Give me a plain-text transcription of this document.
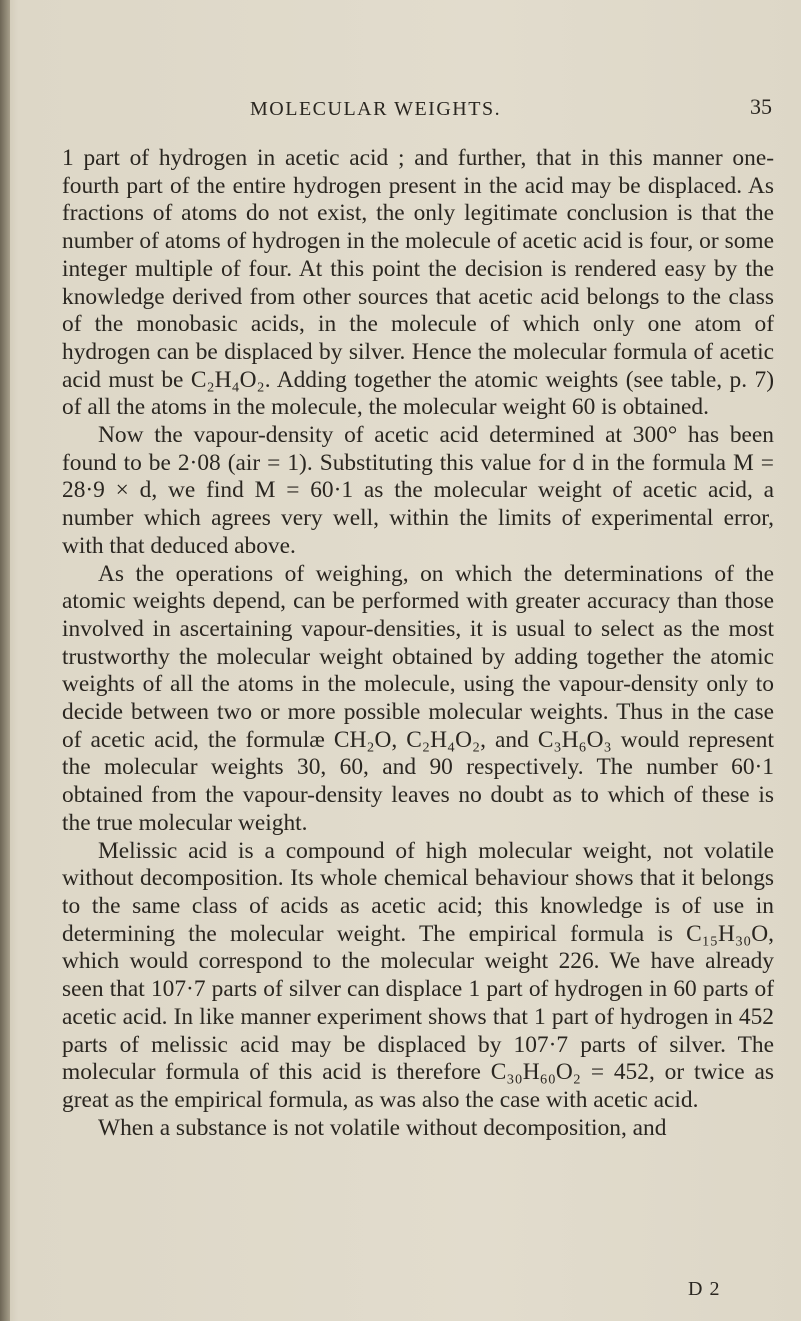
MOLECULAR WEIGHTS.	35

1 part of hydrogen in acetic acid ; and further, that in this manner one-fourth part of the entire hydrogen present in the acid may be displaced. As fractions of atoms do not exist, the only legitimate conclusion is that the number of atoms of hydrogen in the molecule of acetic acid is four, or some integer multiple of four. At this point the decision is rendered easy by the knowledge derived from other sources that acetic acid belongs to the class of the monobasic acids, in the molecule of which only one atom of hydrogen can be displaced by silver. Hence the molecular formula of acetic acid must be C₂H₄O₂. Adding together the atomic weights (see table, p. 7) of all the atoms in the molecule, the molecular weight 60 is obtained.

Now the vapour-density of acetic acid determined at 300° has been found to be 2·08 (air = 1). Substituting this value for d in the formula M = 28·9 × d, we find M = 60·1 as the molecular weight of acetic acid, a number which agrees very well, within the limits of experimental error, with that deduced above.

As the operations of weighing, on which the determinations of the atomic weights depend, can be performed with greater accuracy than those involved in ascertaining vapour-densities, it is usual to select as the most trustworthy the molecular weight obtained by adding together the atomic weights of all the atoms in the molecule, using the vapour-density only to decide between two or more possible molecular weights. Thus in the case of acetic acid, the formulæ CH₂O, C₂H₄O₂, and C₃H₆O₃ would represent the molecular weights 30, 60, and 90 respectively. The number 60·1 obtained from the vapour-density leaves no doubt as to which of these is the true molecular weight.

Melissic acid is a compound of high molecular weight, not volatile without decomposition. Its whole chemical behaviour shows that it belongs to the same class of acids as acetic acid; this knowledge is of use in determining the molecular weight. The empirical formula is C₁₅H₃₀O, which would correspond to the molecular weight 226. We have already seen that 107·7 parts of silver can displace 1 part of hydrogen in 60 parts of acetic acid. In like manner experiment shows that 1 part of hydrogen in 452 parts of melissic acid may be displaced by 107·7 parts of silver. The molecular formula of this acid is therefore C₃₀H₆₀O₂ = 452, or twice as great as the empirical formula, as was also the case with acetic acid.

When a substance is not volatile without decomposition, and

D 2
